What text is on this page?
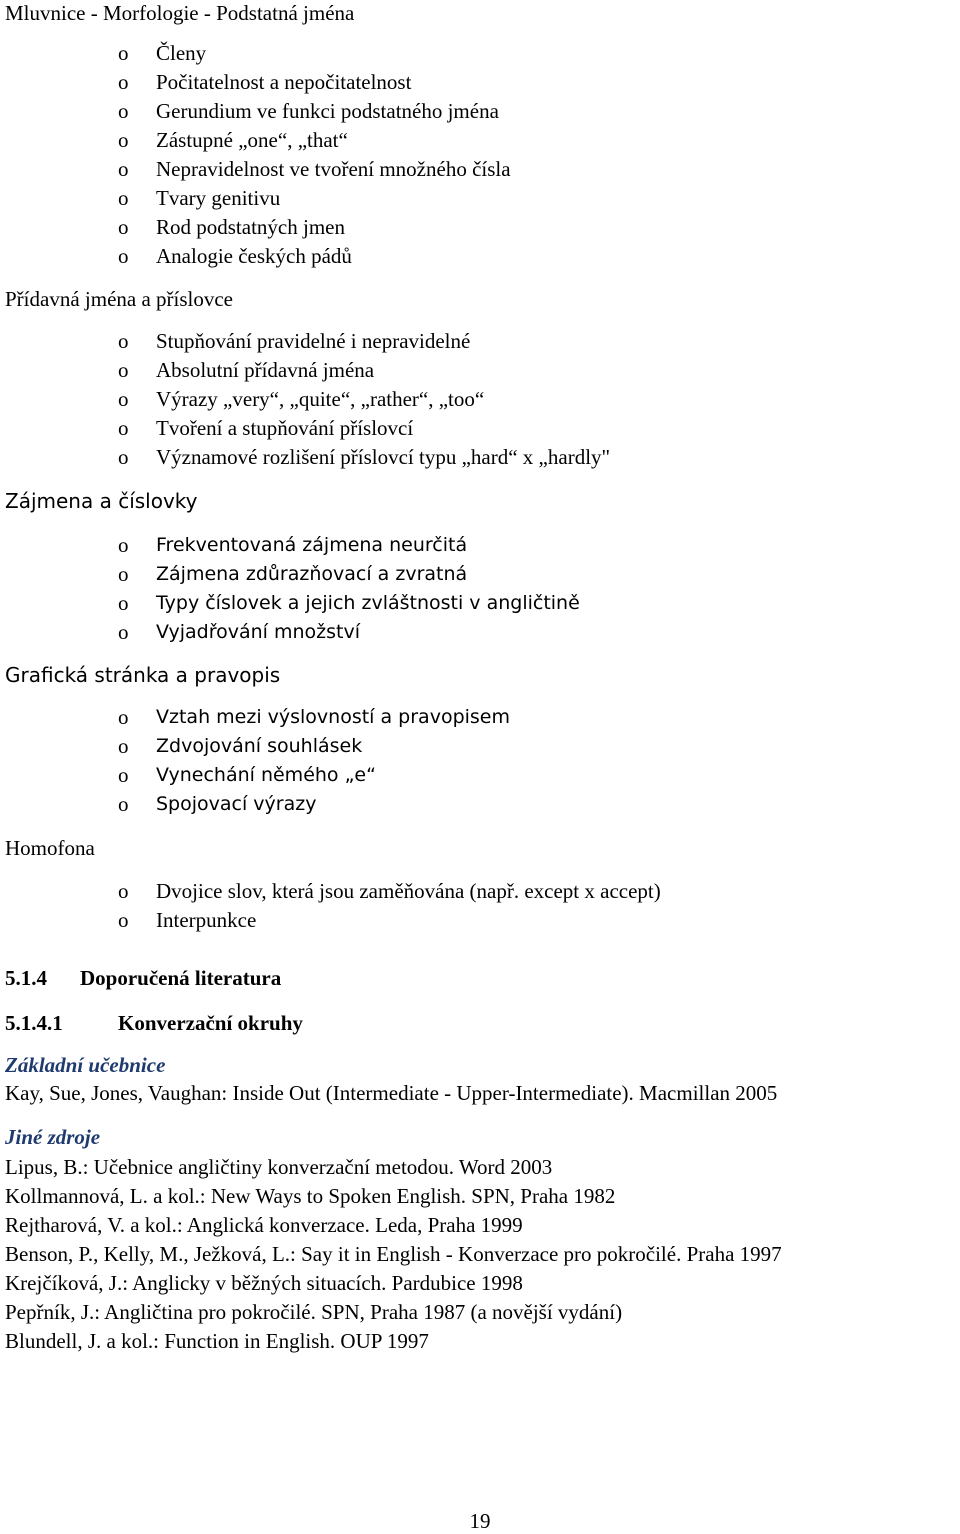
Mluvnice - Morfologie - Podstatná jména
o	Členy
o	Počitatelnost a nepočitatelnost
o	Gerundium ve funkci podstatného jména
o	Zástupné „one“, „that“
o	Nepravidelnost ve tvoření množného čísla
o	Tvary genitivu
o	Rod podstatných jmen
o	Analogie českých pádů
Přídavná jména a příslovce
o	Stupňování pravidelné i nepravidelné
o	Absolutní přídavná jména
o	Výrazy „very“, „quite“, „rather“, „too“
o	Tvoření a stupňování příslovcí
o	Významové rozlišení příslovcí typu „hard“ x „hardly"
Zájmena a číslovky
o	Frekventovaná zájmena neurčitá
o	Zájmena zdůrazňovací a zvratná
o	Typy číslovek a jejich zvláštnosti v angličtině
o	Vyjadřování množství
Grafická stránka a pravopis
o	Vztah mezi výslovností a pravopisem
o	Zdvojování souhlásek
o	Vynechání němého „e“
o	Spojovací výrazy
Homofona
o	Dvojice slov, která jsou zaměňována (např. except x accept)
o	Interpunkce
5.1.4 Doporučená literatura
5.1.4.1	Konverzační okruhy
Základní učebnice
Kay, Sue, Jones, Vaughan: Inside Out (Intermediate - Upper-Intermediate). Macmillan 2005
Jiné zdroje
Lipus, B.: Učebnice angličtiny konverzační metodou. Word 2003
Kollmannová, L. a kol.: New Ways to Spoken English. SPN, Praha 1982
Rejtharová, V. a kol.: Anglická konverzace. Leda, Praha 1999
Benson, P., Kelly, M., Ježková, L.: Say it in English - Konverzace pro pokročilé. Praha 1997
Krejčíková, J.: Anglicky v běžných situacích. Pardubice 1998
Pepřník, J.: Angličtina pro pokročilé. SPN, Praha 1987 (a novější vydání)
Blundell, J. a kol.: Function in English. OUP 1997
19
